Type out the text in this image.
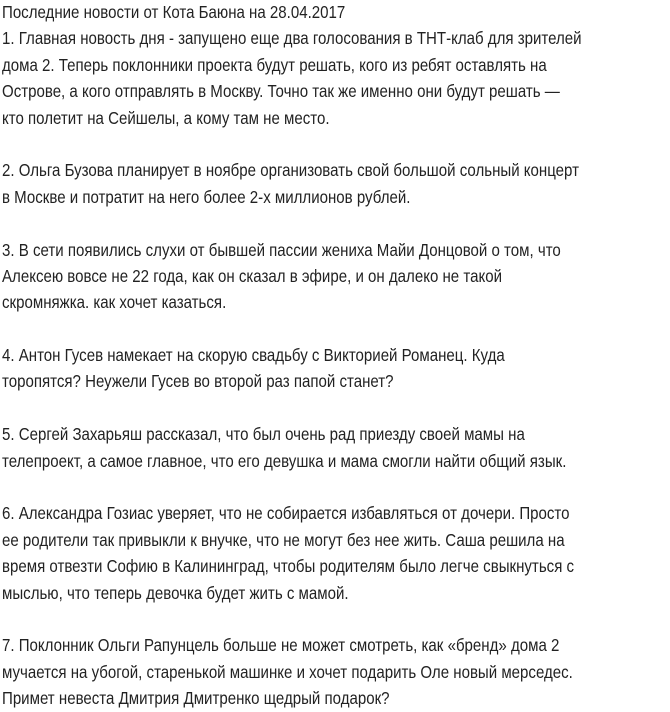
Последние новости от Кота Баюна на 28.04.2017
1. Главная новость дня - запущено еще два голосования в ТНТ-клаб для зрителей
дома 2. Теперь поклонники проекта будут решать, кого из ребят оставлять на
Острове, а кого отправлять в Москву. Точно так же именно они будут решать —
кто полетит на Сейшелы, а кому там не место.
2. Ольга Бузова планирует в ноябре организовать свой большой сольный концерт
в Москве и потратит на него более 2-х миллионов рублей.
3. В сети появились слухи от бывшей пассии жениха Майи Донцовой о том, что
Алексею вовсе не 22 года, как он сказал в эфире, и он далеко не такой
скромняжка. как хочет казаться.
4. Антон Гусев намекает на скорую свадьбу с Викторией Романец. Куда
торопятся? Неужели Гусев во второй раз папой станет?
5. Сергей Захарьяш рассказал, что был очень рад приезду своей мамы на
телепроект, а самое главное, что его девушка и мама смогли найти общий язык.
6. Александра Гозиас уверяет, что не собирается избавляться от дочери. Просто
ее родители так привыкли к внучке, что не могут без нее жить. Саша решила на
время отвезти Софию в Калининград, чтобы родителям было легче свыкнуться с
мыслью, что теперь девочка будет жить с мамой.
7. Поклонник Ольги Рапунцель больше не может смотреть, как «бренд» дома 2
мучается на убогой, старенькой машинке и хочет подарить Оле новый мерседес.
Примет невеста Дмитрия Дмитренко щедрый подарок?
